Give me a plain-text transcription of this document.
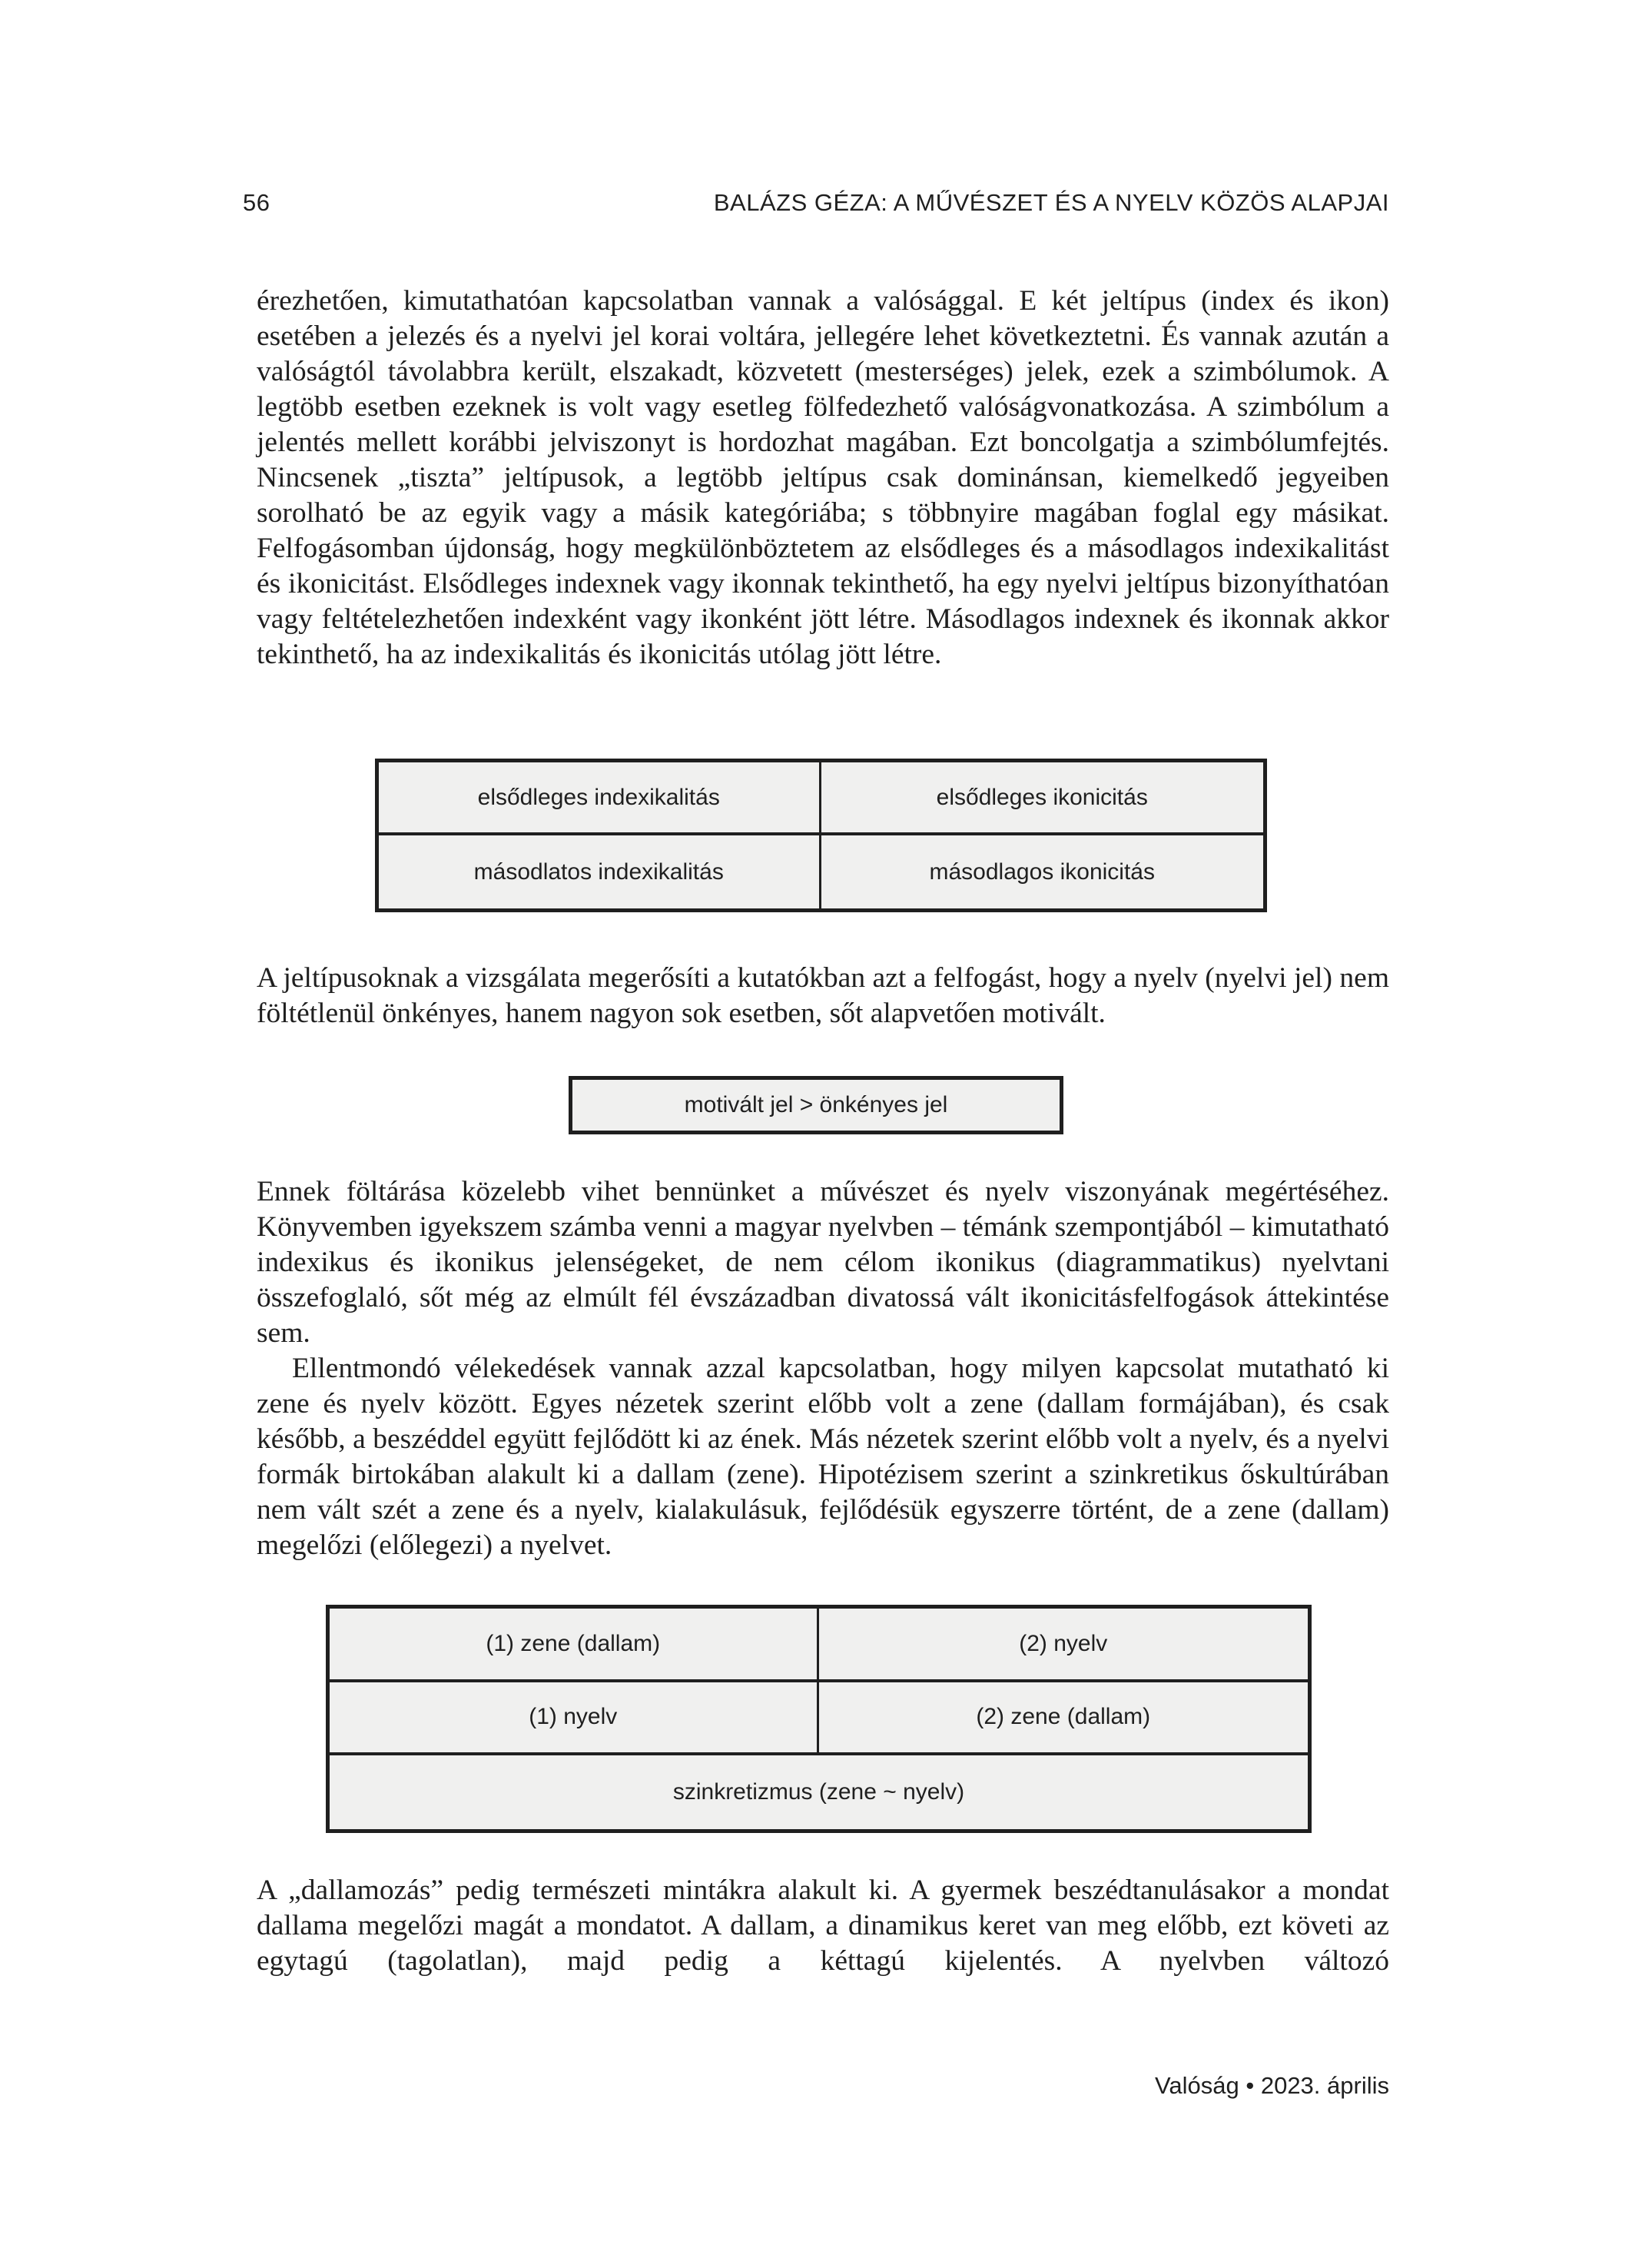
56	BALÁZS GÉZA: A MŰVÉSZET ÉS A NYELV KÖZÖS ALAPJAI

érezhetően, kimutathatóan kapcsolatban vannak a valósággal. E két jeltípus (index és ikon) esetében a jelezés és a nyelvi jel korai voltára, jellegére lehet következtetni. És vannak azután a valóságtól távolabbra került, elszakadt, közvetett (mesterséges) jelek, ezek a szimbólumok. A legtöbb esetben ezeknek is volt vagy esetleg fölfedezhető valóságvonatkozása. A szimbólum a jelentés mellett korábbi jelviszonyt is hordozhat magában. Ezt boncolgatja a szimbólumfejtés. Nincsenek „tiszta” jeltípusok, a legtöbb jeltípus csak dominánsan, kiemelkedő jegyeiben sorolható be az egyik vagy a másik kategóriába; s többnyire magában foglal egy másikat. Felfogásomban újdonság, hogy megkülönböztetem az elsődleges és a másodlagos indexikalitást és ikonicitást. Elsődleges indexnek vagy ikonnak tekinthető, ha egy nyelvi jeltípus bizonyíthatóan vagy feltételezhetően indexként vagy ikonként jött létre. Másodlagos indexnek és ikonnak akkor tekinthető, ha az indexikalitás és ikonicitás utólag jött létre.

elsődleges indexikalitás	elsődleges ikonicitás
másodlatos indexikalitás	másodlagos ikonicitás

A jeltípusoknak a vizsgálata megerősíti a kutatókban azt a felfogást, hogy a nyelv (nyelvi jel) nem föltétlenül önkényes, hanem nagyon sok esetben, sőt alapvetően motivált.

motivált jel > önkényes jel

Ennek föltárása közelebb vihet bennünket a művészet és nyelv viszonyának megértéséhez. Könyvemben igyekszem számba venni a magyar nyelvben – témánk szempontjából – kimutatható indexikus és ikonikus jelenségeket, de nem célom ikonikus (diagrammatikus) nyelvtani összefoglaló, sőt még az elmúlt fél évszázadban divatossá vált ikonicitásfelfogások áttekintése sem.

Ellentmondó vélekedések vannak azzal kapcsolatban, hogy milyen kapcsolat mutatható ki zene és nyelv között. Egyes nézetek szerint előbb volt a zene (dallam formájában), és csak később, a beszéddel együtt fejlődött ki az ének. Más nézetek szerint előbb volt a nyelv, és a nyelvi formák birtokában alakult ki a dallam (zene). Hipotézisem szerint a szinkretikus őskultúrában nem vált szét a zene és a nyelv, kialakulásuk, fejlődésük egyszerre történt, de a zene (dallam) megelőzi (előlegezi) a nyelvet.

(1) zene (dallam)	(2) nyelv
(1) nyelv	(2) zene (dallam)
szinkretizmus (zene ~ nyelv)

A „dallamozás” pedig természeti mintákra alakult ki. A gyermek beszédtanulásakor a mondat dallama megelőzi magát a mondatot. A dallam, a dinamikus keret van meg előbb, ezt követi az egytagú (tagolatlan), majd pedig a kéttagú kijelentés. A nyelvben változó

Valóság • 2023. április
